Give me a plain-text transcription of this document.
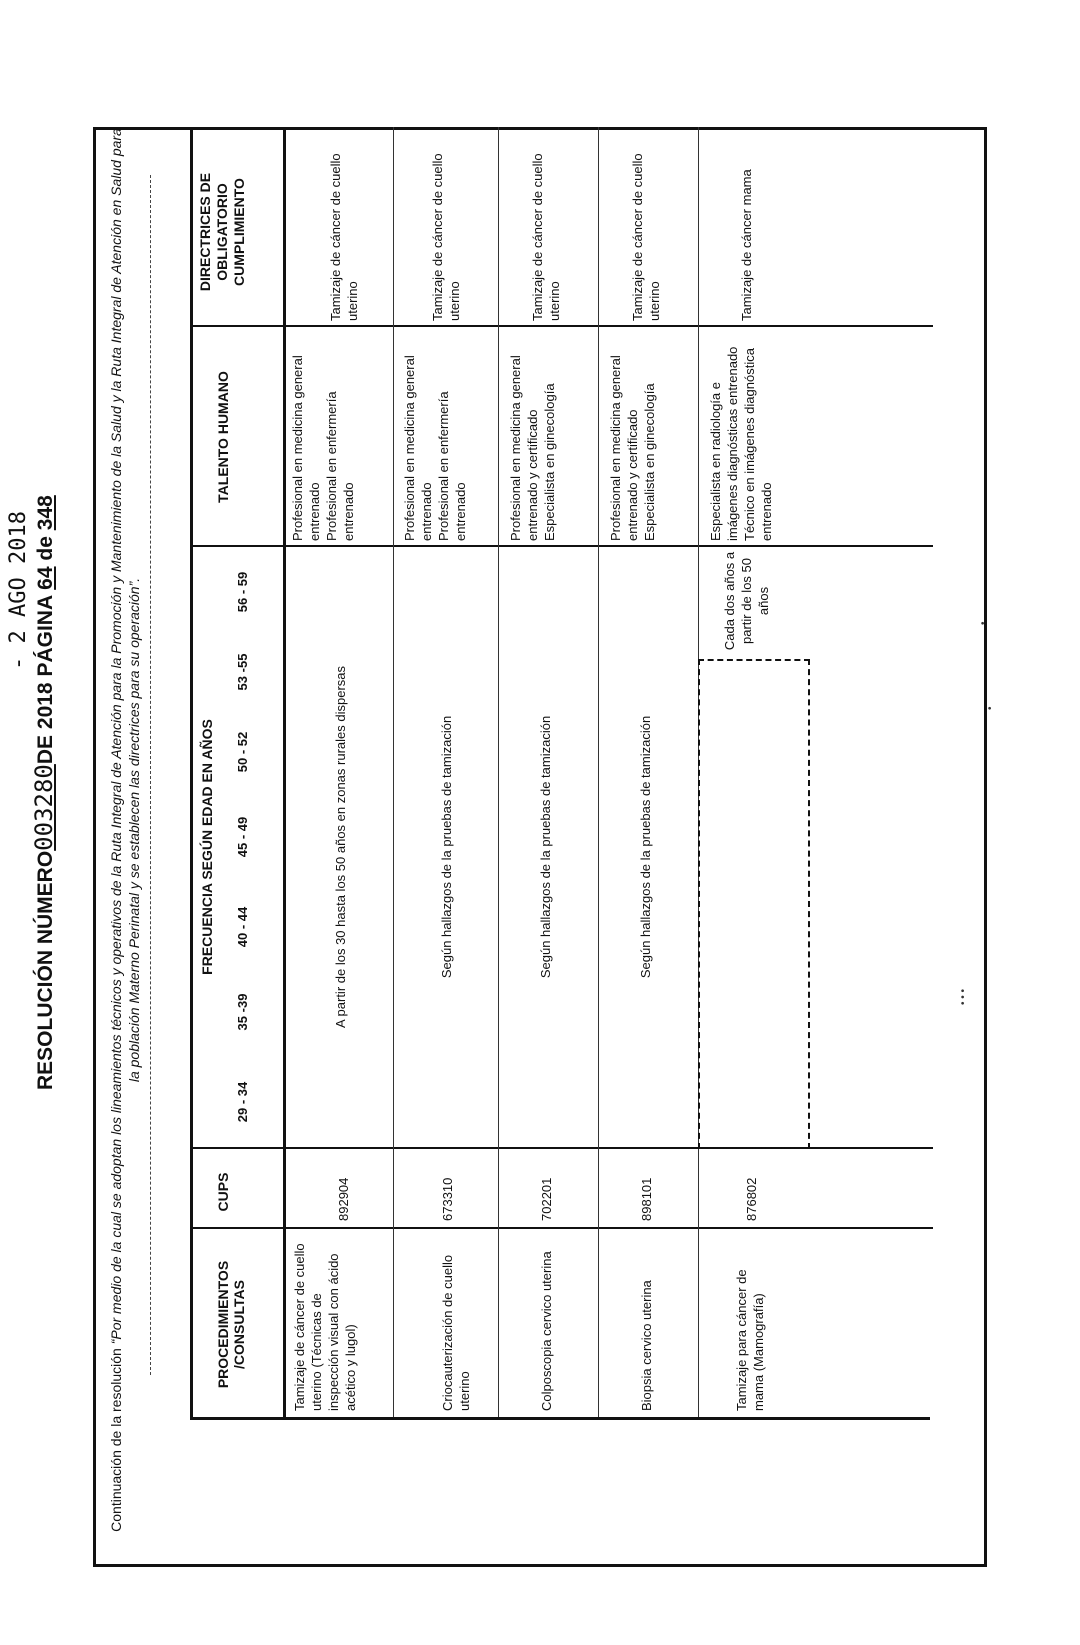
RESOLUCIÓN NÚMERO003280DE 2018 PÁGINA 64 de 348
- 2 AGO 2018
Continuación de la resolución “Por medio de la cual se adoptan los lineamientos técnicos y operativos de la Ruta Integral de Atención para la Promoción y Mantenimiento de la Salud y la Ruta Integral de Atención en Salud para la población Materno Perinatal y se establecen las directrices para su operación”.
PROCEDIMIENTOS /CONSULTAS
CUPS
FRECUENCIA SEGÚN EDAD EN AÑOS
TALENTO HUMANO
DIRECTRICES DE OBLIGATORIO CUMPLIMIENTO
29 - 34
35 -39
40 - 44
45 - 49
50 - 52
53 -55
56 - 59
Tamizaje de cáncer de cuello uterino (Técnicas de inspección visual con ácido acético y lugol)
892904
A partir de los 30 hasta los 50 años en zonas rurales dispersas
Profesional en medicina general entrenado
Profesional en enfermería entrenado
Tamizaje de cáncer de cuello uterino
Criocauterización de cuello uterino
673310
Según hallazgos de la pruebas de tamización
Profesional en medicina general entrenado
Profesional en enfermería entrenado
Tamizaje de cáncer de cuello uterino
Colposcopia cervico uterina
702201
Según hallazgos de la pruebas de tamización
Profesional en medicina general entrenado y certificado
Especialista en ginecología
Tamizaje de cáncer de cuello uterino
Biopsia cervico uterina
898101
Según hallazgos de la pruebas de tamización
Profesional en medicina general entrenado y certificado
Especialista en ginecología
Tamizaje de cáncer de cuello uterino
Tamizaje para cáncer de mama (Mamografía)
876802
Cada dos años a partir de los 50 años
Especialista en radiología e imágenes diagnósticas entrenado
Técnico en imágenes diagnóstica entrenado
Tamizaje de cáncer mama
• • •
•
•
